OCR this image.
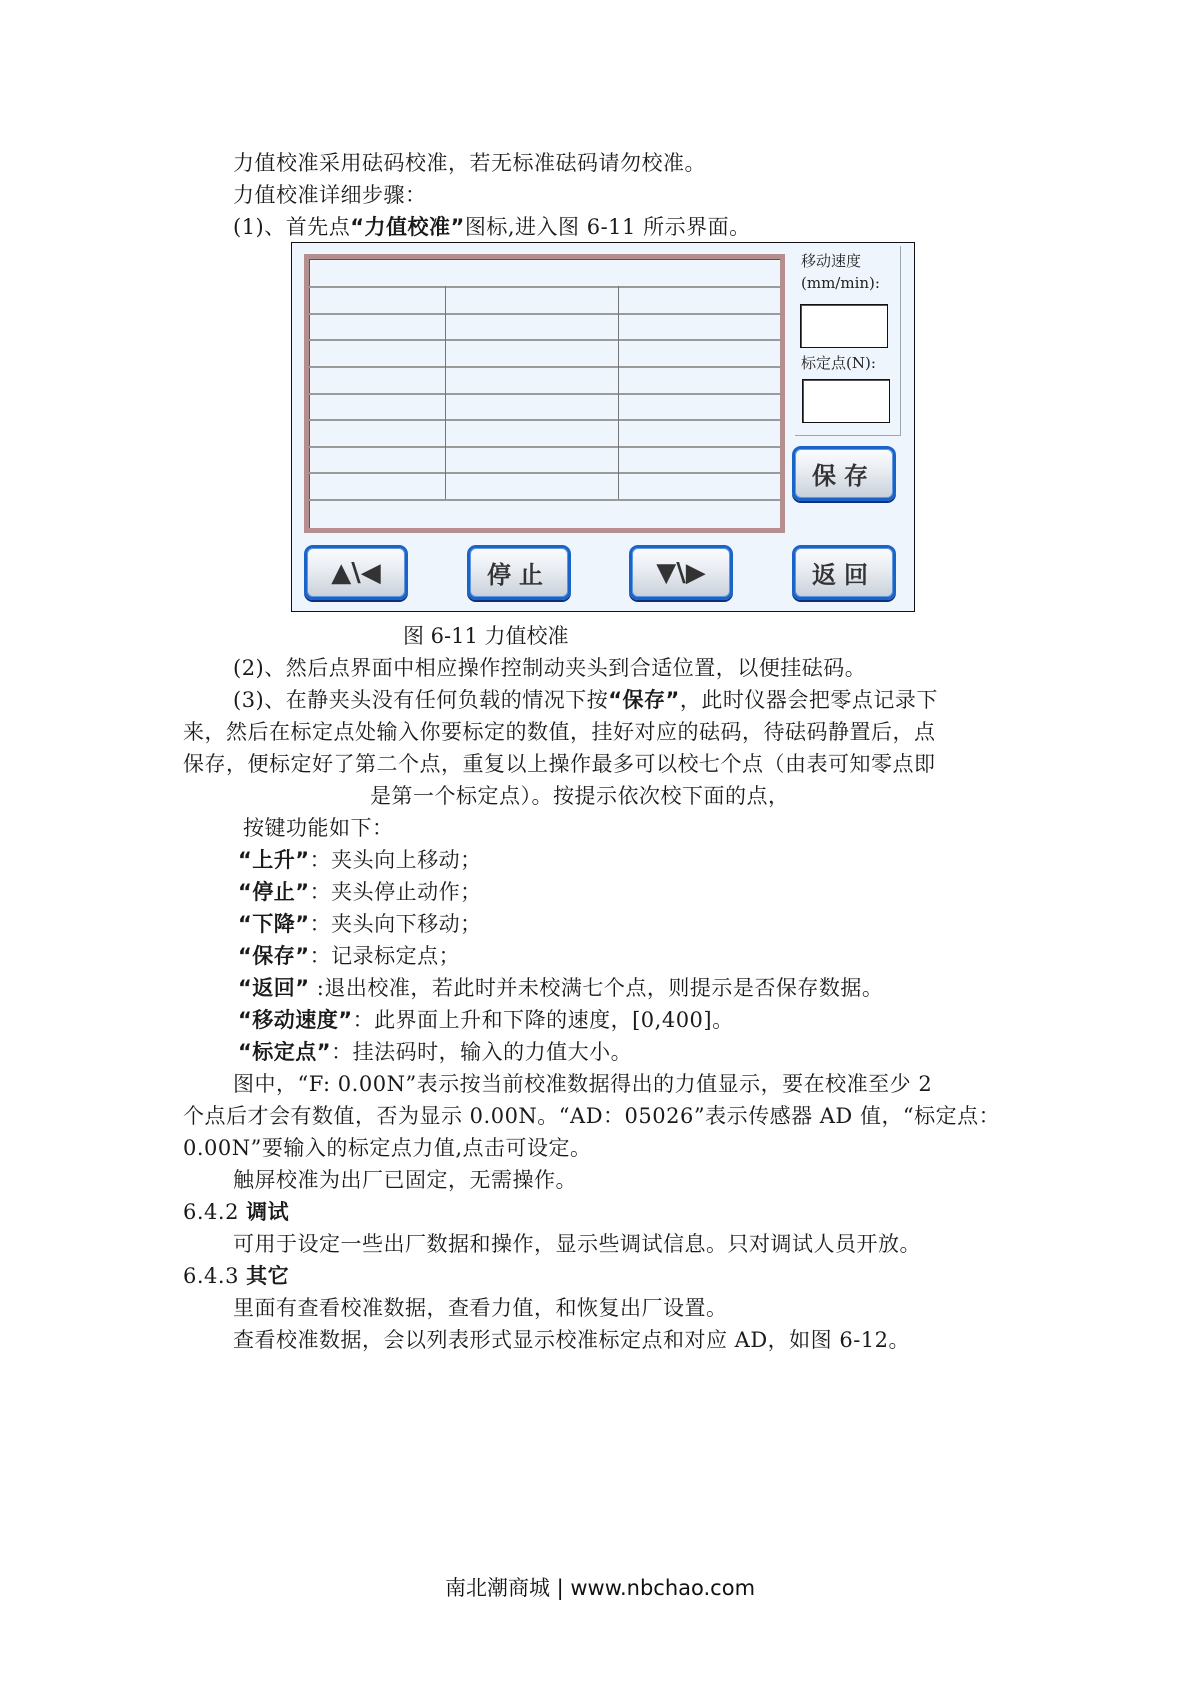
力值校准采用砝码校准，若无标准砝码请勿校准。
力值校准详细步骤：
(1)、首先点“力值校准”图标,进入图 6-11 所示界面。
移动速度
(mm/min):
标定点(N):
保存
▲\◀	停止	▼\▶	返回
图 6-11 力值校准
(2)、然后点界面中相应操作控制动夹头到合适位置，以便挂砝码。
(3)、在静夹头没有任何负载的情况下按“保存”，此时仪器会把零点记录下
来，然后在标定点处输入你要标定的数值，挂好对应的砝码，待砝码静置后，点
保存，便标定好了第二个点，重复以上操作最多可以校七个点（由表可知零点即
是第一个标定点）。按提示依次校下面的点，
按键功能如下：
“上升”：夹头向上移动；
“停止”：夹头停止动作；
“下降”：夹头向下移动；
“保存”：记录标定点；
“返回” :退出校准，若此时并未校满七个点，则提示是否保存数据。
“移动速度”：此界面上升和下降的速度，[0,400]。
“标定点”：挂法码时，输入的力值大小。
图中，“F: 0.00N”表示按当前校准数据得出的力值显示，要在校准至少 2
个点后才会有数值，否为显示 0.00N。“AD：05026”表示传感器 AD 值，“标定点：
0.00N”要输入的标定点力值,点击可设定。
触屏校准为出厂已固定，无需操作。
6.4.2 调试
可用于设定一些出厂数据和操作，显示些调试信息。只对调试人员开放。
6.4.3 其它
里面有查看校准数据，查看力值，和恢复出厂设置。
查看校准数据，会以列表形式显示校准标定点和对应 AD，如图 6-12。
南北潮商城 | www.nbchao.com
